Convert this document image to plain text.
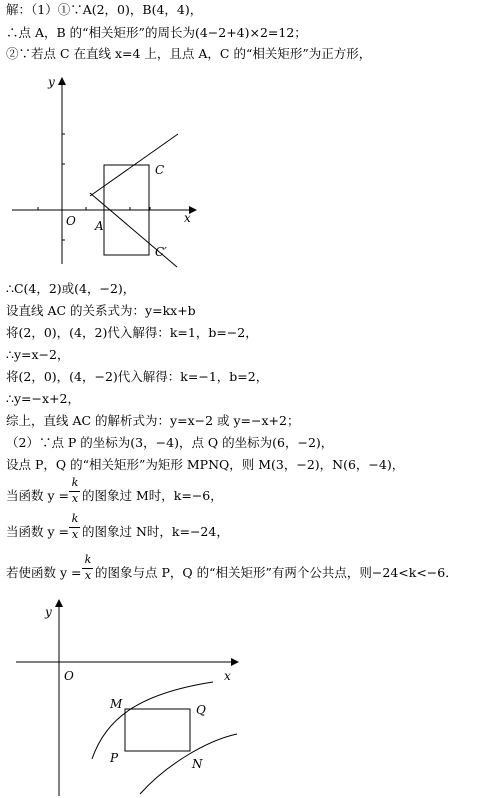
解：（1）①∵A(2，0)，B(4，4)，
∴点 A，B 的“相关矩形”的周长为(4−2+4)×2=12；
②∵若点 C 在直线 x=4 上，且点 A，C 的“相关矩形”为正方形，
y
x
O A
C
C′
∴C(4，2)或(4，−2)，
设直线 AC 的关系式为：y=kx+b
将(2，0)，(4，2)代入解得：k=1，b=−2，
∴y=x−2，
将(2，0)，(4，−2)代入解得：k=−1，b=2，
∴y=−x+2，
综上，直线 AC 的解析式为：y=x−2 或 y=−x+2；
（2）∵点 P 的坐标为(3，−4)，点 Q 的坐标为(6，−2)，
设点 P，Q 的“相关矩形”为矩形 MPNQ，则 M(3，−2)，N(6，−4)，
当函数 y =
k
x 的图象过 M时，k=−6，
当函数 y =
k
x 的图象过 N时，k=−24，
若使函数 y =
k
x 的图象与点 P，Q 的“相关矩形”有两个公共点，则−24<k<−6．
y
x
O
M	Q
P	N
